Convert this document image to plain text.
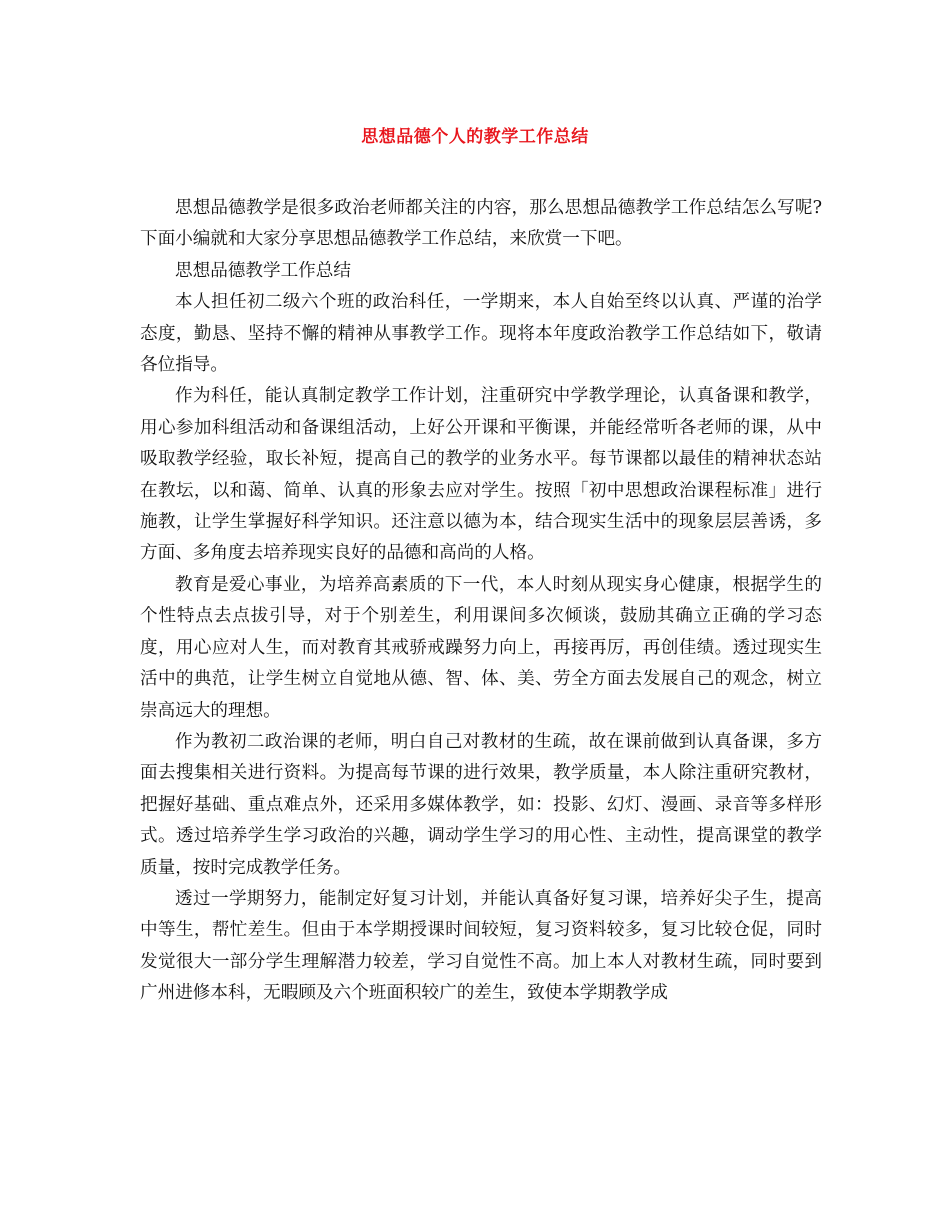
思想品德个人的教学工作总结

思想品德教学是很多政治老师都关注的内容，那么思想品德教学工作总结怎么写呢?下面小编就和大家分享思想品德教学工作总结，来欣赏一下吧。

思想品德教学工作总结

本人担任初二级六个班的政治科任，一学期来，本人自始至终以认真、严谨的治学态度，勤恳、坚持不懈的精神从事教学工作。现将本年度政治教学工作总结如下，敬请各位指导。

作为科任，能认真制定教学工作计划，注重研究中学教学理论，认真备课和教学，用心参加科组活动和备课组活动，上好公开课和平衡课，并能经常听各老师的课，从中吸取教学经验，取长补短，提高自己的教学的业务水平。每节课都以最佳的精神状态站在教坛，以和蔼、简单、认真的形象去应对学生。按照「初中思想政治课程标准」进行施教，让学生掌握好科学知识。还注意以德为本，结合现实生活中的现象层层善诱，多方面、多角度去培养现实良好的品德和高尚的人格。

教育是爱心事业，为培养高素质的下一代，本人时刻从现实身心健康，根据学生的个性特点去点拔引导，对于个别差生，利用课间多次倾谈，鼓励其确立正确的学习态度，用心应对人生，而对教育其戒骄戒躁努力向上，再接再厉，再创佳绩。透过现实生活中的典范，让学生树立自觉地从德、智、体、美、劳全方面去发展自己的观念，树立崇高远大的理想。

作为教初二政治课的老师，明白自己对教材的生疏，故在课前做到认真备课，多方面去搜集相关进行资料。为提高每节课的进行效果，教学质量，本人除注重研究教材，把握好基础、重点难点外，还采用多媒体教学，如：投影、幻灯、漫画、录音等多样形式。透过培养学生学习政治的兴趣，调动学生学习的用心性、主动性，提高课堂的教学质量，按时完成教学任务。

透过一学期努力，能制定好复习计划，并能认真备好复习课，培养好尖子生，提高中等生，帮忙差生。但由于本学期授课时间较短，复习资料较多，复习比较仓促，同时发觉很大一部分学生理解潜力较差，学习自觉性不高。加上本人对教材生疏，同时要到广州进修本科，无暇顾及六个班面积较广的差生，致使本学期教学成
